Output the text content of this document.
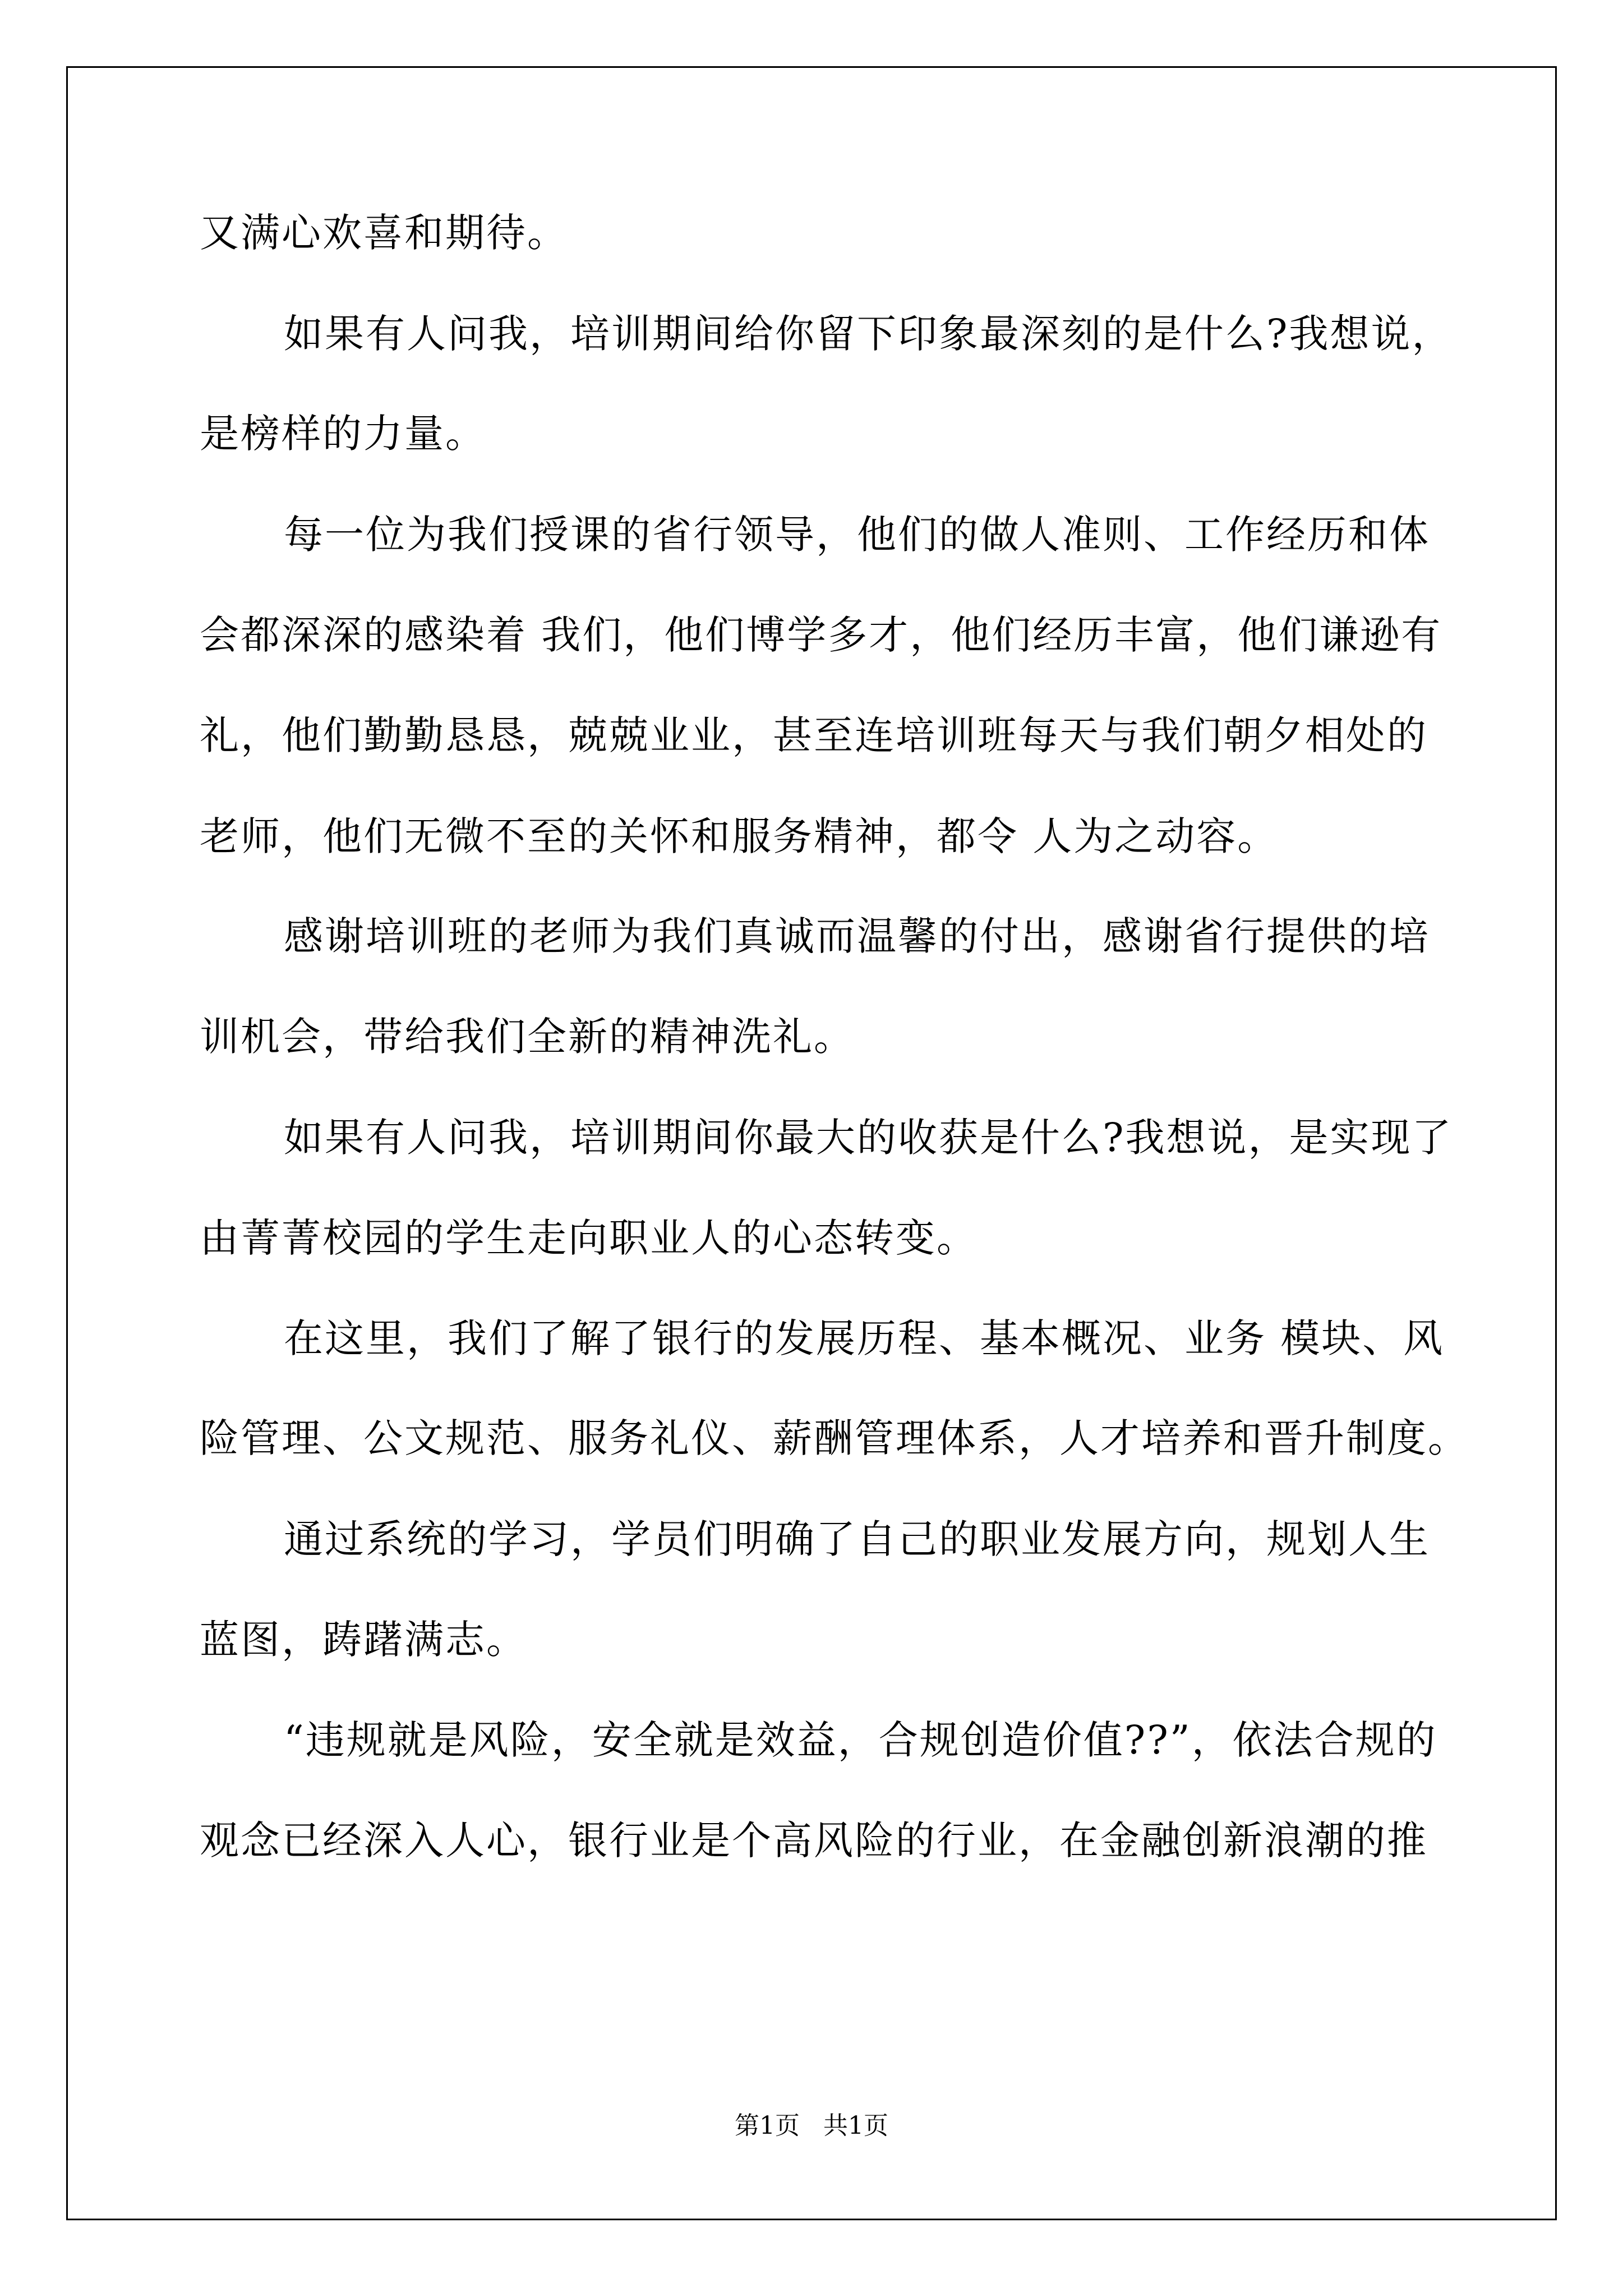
又满心欢喜和期待。
如果有人问我，培训期间给你留下印象最深刻的是什么?我想说，
是榜样的力量。
每一位为我们授课的省行领导，他们的做人准则、工作经历和体
会都深深的感染着 我们，他们博学多才，他们经历丰富，他们谦逊有
礼，他们勤勤恳恳，兢兢业业，甚至连培训班每天与我们朝夕相处的
老师，他们无微不至的关怀和服务精神，都令 人为之动容。
感谢培训班的老师为我们真诚而温馨的付出，感谢省行提供的培
训机会，带给我们全新的精神洗礼。
如果有人问我，培训期间你最大的收获是什么?我想说，是实现了
由菁菁校园的学生走向职业人的心态转变。
在这里，我们了解了银行的发展历程、基本概况、业务 模块、风
险管理、公文规范、服务礼仪、薪酬管理体系，人才培养和晋升制度。
通过系统的学习，学员们明确了自己的职业发展方向，规划人生
蓝图，踌躇满志。
“违规就是风险，安全就是效益，合规创造价值??”，依法合规的
观念已经深入人心，银行业是个高风险的行业，在金融创新浪潮的推
第1页   共1页
